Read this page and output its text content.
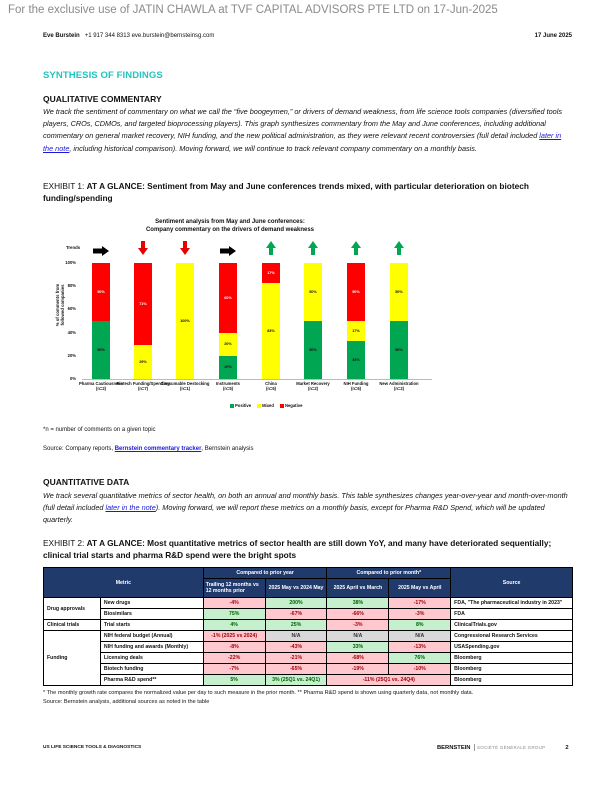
For the exclusive use of JATIN CHAWLA at TVF CAPITAL ADVISORS PTE LTD on 17-Jun-2025
Eve Burstein +1 917 344 8313 eve.burstein@bernsteinsg.com	17 June 2025
SYNTHESIS OF FINDINGS
QUALITATIVE COMMENTARY
We track the sentiment of commentary on what we call the “five boogeymen,” or drivers of demand weakness, from life science tools companies (diversified tools players, CROs, CDMOs, and targeted bioprocessing players). This graph synthesizes commentary from the May and June conferences, including additional commentary on general market recovery, NIH funding, and the new political administration, as they were relevant recent controversies (full detail included later in the note, including historical comparison). Moving forward, we will continue to track relevant company commentary on a monthly basis.
EXHIBIT 1: AT A GLANCE: Sentiment from May and June conferences trends mixed, with particular deterioration on biotech funding/spending
Sentiment analysis from May and June conferences:
Company commentary on the drivers of demand weakness
Trends
% of comments from followed companies
0%
20%
40%
60%
80%
100%
50%
50%
Pharma Cautiousness
(n=2)
29%
71%
Biotech Funding/Spending
(n=7)
100%
Consumable Destocking
(n=1)
20%
20%
60%
Instruments
(n=5)
83%
17%
China
(n=6)
50%
50%
Market Recovery
(n=2)
33%
17%
50%
NIH Funding
(n=6)
50%
50%
New Administration
(n=2)
Positive	Mixed	Negative
*n = number of comments on a given topic
Source: Company reports, Bernstein commentary tracker, Bernstein analysis
QUANTITATIVE DATA
We track several quantitative metrics of sector health, on both an annual and monthly basis. This table synthesizes changes year-over-year and month-over-month (full detail included later in the note). Moving forward, we will report these metrics on a monthly basis, except for Pharma R&D Spend, which will be updated quarterly.
EXHIBIT 2: AT A GLANCE: Most quantitative metrics of sector health are still down YoY, and many have deteriorated sequentially; clinical trial starts and pharma R&D spend were the bright spots
Metric		Compared to prior year		Compared to prior month*		Source
		Trailing 12 months vs 12 months prior	2025 May vs 2024 May	2025 April vs March	2025 May vs April	
Drug approvals	New drugs	-4%	200%	38%	-17%	FDA, "The pharmaceutical industry in 2023"
	Biosimilars	75%	-67%	-66%	-3%	FDA
Clinical trials	Trial starts	4%	25%	-3%	8%	ClinicalTrials.gov
Funding	NIH federal budget (Annual)	-1% (2025 vs 2024)	N/A	N/A	N/A	Congressional Research Services
	NIH funding and awards (Monthly)	-8%	-43%	33%	-13%	USASpending.gov
	Licensing deals	-22%	-21%	-68%	76%	Bloomberg
	Biotech funding	-7%	-65%	-19%	-10%	Bloomberg
	Pharma R&D spend**	5%	3% (25Q1 vs. 24Q1)	-11% (25Q1 vs. 24Q4)		Bloomberg
* The monthly growth rate compares the normalized value per day to such measure in the prior month. ** Pharma R&D spend is shown using quarterly data, not monthly data.
Source: Bernstein analysis, additional sources as noted in the table
US LIFE SCIENCE TOOLS & DIAGNOSTICS	BERNSTEIN SOCIÉTÉ GÉNÉRALE GROUP	2
